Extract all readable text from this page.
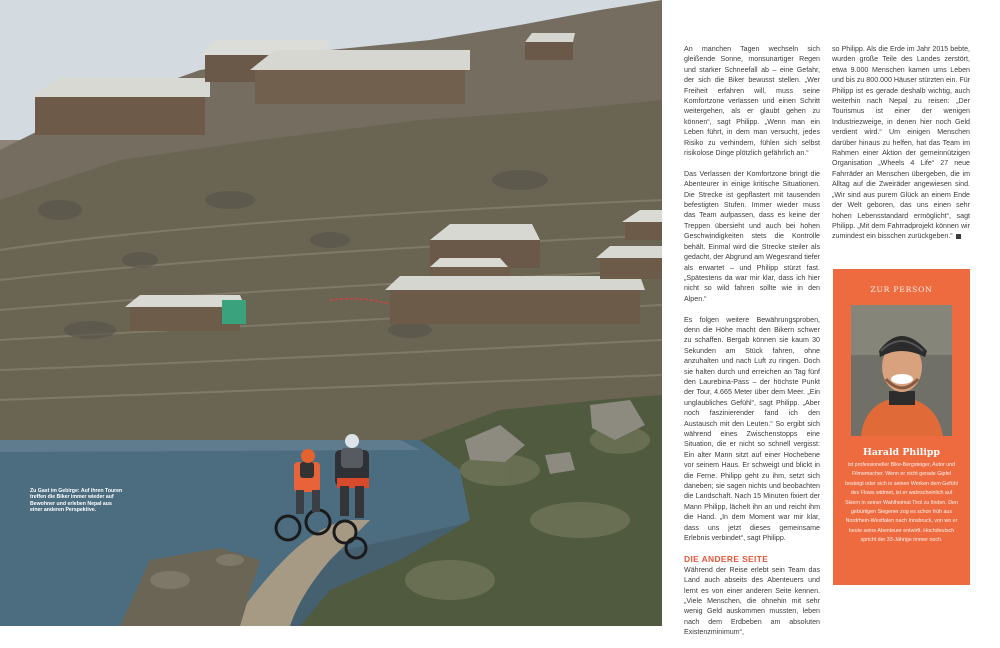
Zu Gast im Gebirge: Auf ihren Touren treffen die Biker immer wieder auf Bewohner und erleben Nepal aus einer anderen Perspektive.

An manchen Tagen wechseln sich gleißende Sonne, monsunartiger Regen und starker Schneefall ab – eine Gefahr, der sich die Biker bewusst stellen. „Wer Freiheit erfahren will, muss seine Komfortzone verlassen und einen Schritt weitergehen, als er glaubt gehen zu können“, sagt Philipp. „Wenn man ein Leben führt, in dem man versucht, jedes Risiko zu verhindern, fühlen sich selbst risikolose Dinge plötzlich gefährlich an.“

Das Verlassen der Komfortzone bringt die Abenteurer in einige kritische Situationen. Die Strecke ist gepflastert mit tausenden befestigten Stufen. Immer wieder muss das Team aufpassen, dass es keine der Treppen übersieht und auch bei hohen Geschwindigkeiten stets die Kontrolle behält. Einmal wird die Strecke steiler als gedacht, der Abgrund am Wegesrand tiefer als erwartet – und Philipp stürzt fast. „Spätestens da war mir klar, dass ich hier nicht so wild fahren sollte wie in den Alpen.“

Es folgen weitere Bewährungsproben, denn die Höhe macht den Bikern schwer zu schaffen. Bergab können sie kaum 30 Sekunden am Stück fahren, ohne anzuhalten und nach Luft zu ringen. Doch sie halten durch und erreichen an Tag fünf den Laurebina-Pass – der höchste Punkt der Tour, 4.665 Meter über dem Meer. „Ein unglaubliches Gefühl“, sagt Philipp. „Aber noch faszinierender fand ich den Austausch mit den Leuten.“ So ergibt sich während eines Zwischenstopps eine Situation, die er nicht so schnell vergisst: Ein alter Mann sitzt auf einer Hochebene vor seinem Haus. Er schweigt und blickt in die Ferne. Philipp geht zu ihm, setzt sich daneben; sie sagen nichts und beobachten die Landschaft. Nach 15 Minuten fixiert der Mann Philipp, lächelt ihn an und reicht ihm die Hand. „In dem Moment war mir klar, dass uns jetzt dieses gemeinsame Erlebnis verbindet“, sagt Philipp.

DIE ANDERE SEITE

Während der Reise erlebt sein Team das Land auch abseits des Abenteuers und lernt es von einer anderen Seite kennen. „Viele Menschen, die ohnehin mit sehr wenig Geld auskommen mussten, leben nach dem Erdbeben am absoluten Existenzminimum“,

so Philipp. Als die Erde im Jahr 2015 bebte, wurden große Teile des Landes zerstört, etwa 9.000 Menschen kamen ums Leben und bis zu 800.000 Häuser stürzten ein. Für Philipp ist es gerade deshalb wichtig, auch weiterhin nach Nepal zu reisen: „Der Tourismus ist einer der wenigen Industriezweige, in denen hier noch Geld verdient wird.“ Um einigen Menschen darüber hinaus zu helfen, hat das Team im Rahmen einer Aktion der gemeinnützigen Organisation „Wheels 4 Life“ 27 neue Fahrräder an Menschen übergeben, die im Alltag auf die Zweiräder angewiesen sind. „Wir sind aus purem Glück an einem Ende der Welt geboren, das uns einen sehr hohen Lebensstandard ermöglicht“, sagt Philipp. „Mit dem Fahrradprojekt können wir zumindest ein bisschen zurückgeben.“

ZUR PERSON
Harald Philipp
ist professioneller Bike-Bergsteiger, Autor und Filmemacher. Wenn er nicht gerade Gipfel besteigt oder sich in seinen Werken dem Gefühl des Flows widmet, ist er wahrscheinlich auf Skiern in seiner Wahlheimat Tirol zu finden. Den gebürtigen Siegener zog es schon früh aus Nordrhein-Westfalen nach Innsbruck, von wo er heute seine Abenteuer entwirft. Hochdeutsch spricht der 33-Jährige immer noch.
